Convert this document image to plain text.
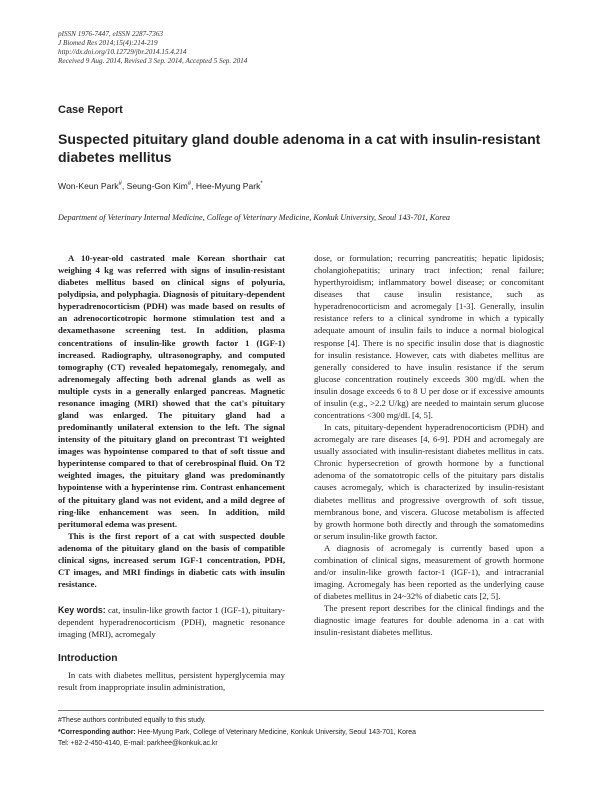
pISSN 1976-7447, eISSN 2287-7363
J Biomed Res 2014;15(4):214-219
http://dx.doi.org/10.12729/jbr.2014.15.4.214
Received 9 Aug. 2014, Revised 3 Sep. 2014, Accepted 5 Sep. 2014
Case Report
Suspected pituitary gland double adenoma in a cat with insulin-resistant diabetes mellitus
Won-Keun Park#, Seung-Gon Kim#, Hee-Myung Park*
Department of Veterinary Internal Medicine, College of Veterinary Medicine, Konkuk University, Seoul 143-701, Korea

A 10-year-old castrated male Korean shorthair cat weighing 4 kg was referred with signs of insulin-resistant diabetes mellitus based on clinical signs of polyuria, polydipsia, and polyphagia. Diagnosis of pituitary-dependent hyperadrenocorticism (PDH) was made based on results of an adrenocorticotropic hormone stimulation test and a dexamethasone screening test. In addition, plasma concentrations of insulin-like growth factor 1 (IGF-1) increased. Radiography, ultrasonography, and computed tomography (CT) revealed hepatomegaly, renomegaly, and adrenomegaly affecting both adrenal glands as well as multiple cysts in a generally enlarged pancreas. Magnetic resonance imaging (MRI) showed that the cat's pituitary gland was enlarged. The pituitary gland had a predominantly unilateral extension to the left. The signal intensity of the pituitary gland on precontrast T1 weighted images was hypointense compared to that of soft tissue and hyperintense compared to that of cerebrospinal fluid. On T2 weighted images, the pituitary gland was predominantly hypointense with a hyperintense rim. Contrast enhancement of the pituitary gland was not evident, and a mild degree of ring-like enhancement was seen. In addition, mild peritumoral edema was present.

This is the first report of a cat with suspected double adenoma of the pituitary gland on the basis of compatible clinical signs, increased serum IGF-1 concentration, PDH, CT images, and MRI findings in diabetic cats with insulin resistance.

Key words: cat, insulin-like growth factor 1 (IGF-1), pituitary-dependent hyperadrenocorticism (PDH), magnetic resonance imaging (MRI), acromegaly

Introduction

In cats with diabetes mellitus, persistent hyperglycemia may result from inappropriate insulin administration,

dose, or formulation; recurring pancreatitis; hepatic lipidosis; cholangiohepatitis; urinary tract infection; renal failure; hyperthyroidism; inflammatory bowel disease; or concomitant diseases that cause insulin resistance, such as hyperadrenocorticism and acromegaly [1-3]. Generally, insulin resistance refers to a clinical syndrome in which a typically adequate amount of insulin fails to induce a normal biological response [4]. There is no specific insulin dose that is diagnostic for insulin resistance. However, cats with diabetes mellitus are generally considered to have insulin resistance if the serum glucose concentration routinely exceeds 300 mg/dL when the insulin dosage exceeds 6 to 8 U per dose or if excessive amounts of insulin (e.g., >2.2 U/kg) are needed to maintain serum glucose concentrations <300 mg/dL [4, 5].

In cats, pituitary-dependent hyperadrenocorticism (PDH) and acromegaly are rare diseases [4, 6-9]. PDH and acromegaly are usually associated with insulin-resistant diabetes mellitus in cats. Chronic hypersecretion of growth hormone by a functional adenoma of the somatotropic cells of the pituitary pars distalis causes acromegaly, which is characterized by insulin-resistant diabetes mellitus and progressive overgrowth of soft tissue, membranous bone, and viscera. Glucose metabolism is affected by growth hormone both directly and through the somatomedins or serum insulin-like growth factor.

A diagnosis of acromegaly is currently based upon a combination of clinical signs, measurement of growth hormone and/or insulin-like growth factor-1 (IGF-1), and intracranial imaging. Acromegaly has been reported as the underlying cause of diabetes mellitus in 24~32% of diabetic cats [2, 5].

The present report describes for the clinical findings and the diagnostic image features for double adenoma in a cat with insulin-resistant diabetes mellitus.

#These authors contributed equally to this study.
*Corresponding author: Hee-Myung Park, College of Veterinary Medicine, Konkuk University, Seoul 143-701, Korea
Tel: +82-2-450-4140, E-mail: parkhee@konkuk.ac.kr
